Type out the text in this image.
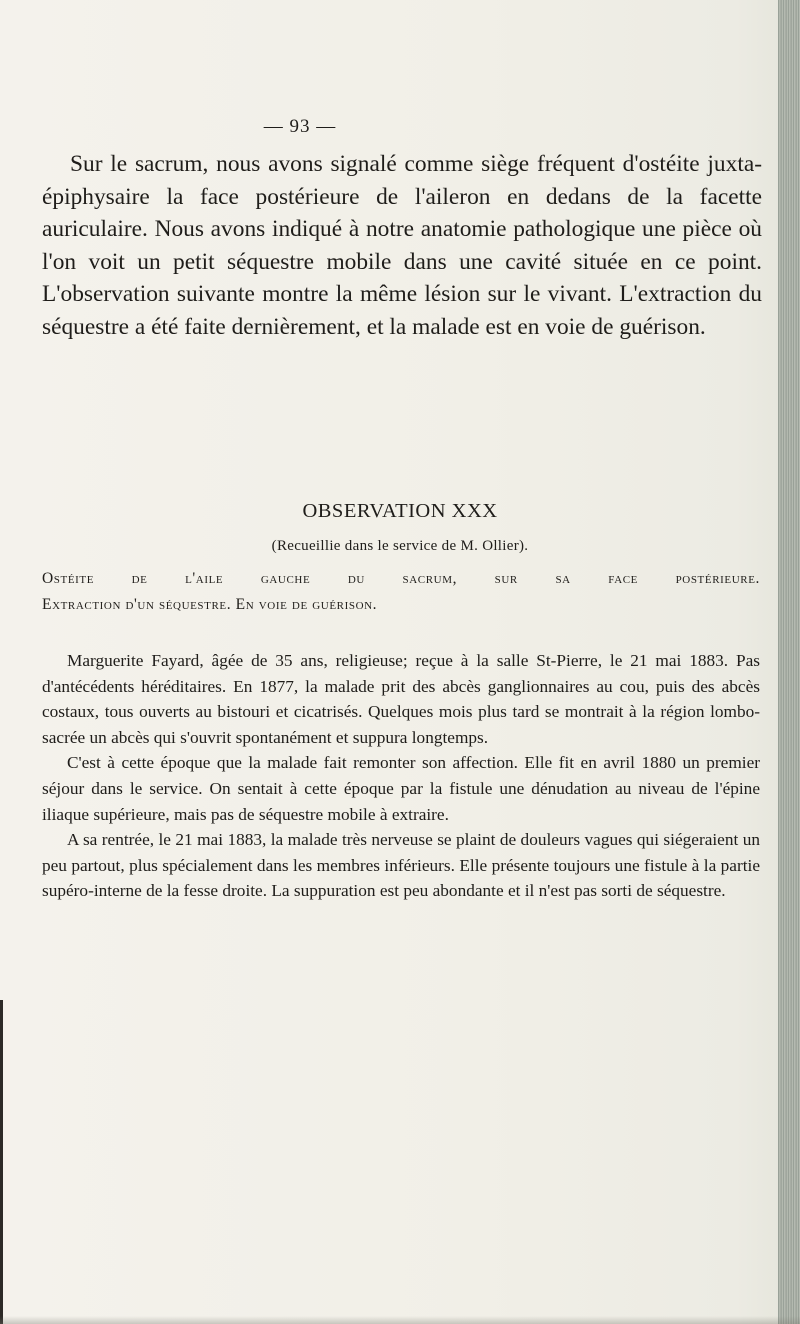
— 93 —

Sur le sacrum, nous avons signalé comme siège fréquent d'ostéite juxta-épiphysaire la face postérieure de l'aileron en dedans de la facette auriculaire. Nous avons indiqué à notre anatomie pathologique une pièce où l'on voit un petit séquestre mobile dans une cavité située en ce point. L'observation suivante montre la même lésion sur le vivant. L'extraction du séquestre a été faite dernièrement, et la malade est en voie de guérison.

OBSERVATION XXX
(Recueillie dans le service de M. Ollier).
Ostéite de l'aile gauche du sacrum, sur sa face postérieure.
Extraction d'un séquestre. En voie de guérison.

Marguerite Fayard, âgée de 35 ans, religieuse; reçue à la salle St-Pierre, le 21 mai 1883. Pas d'antécédents héréditaires. En 1877, la malade prit des abcès ganglionnaires au cou, puis des abcès costaux, tous ouverts au bistouri et cicatrisés. Quelques mois plus tard se montrait à la région lombo-sacrée un abcès qui s'ouvrit spontanément et suppura longtemps.

C'est à cette époque que la malade fait remonter son affection. Elle fit en avril 1880 un premier séjour dans le service. On sentait à cette époque par la fistule une dénudation au niveau de l'épine iliaque supérieure, mais pas de séquestre mobile à extraire.

A sa rentrée, le 21 mai 1883, la malade très nerveuse se plaint de douleurs vagues qui siégeraient un peu partout, plus spécialement dans les membres inférieurs. Elle présente toujours une fistule à la partie supéro-interne de la fesse droite. La suppuration est peu abondante et il n'est pas sorti de séquestre.
